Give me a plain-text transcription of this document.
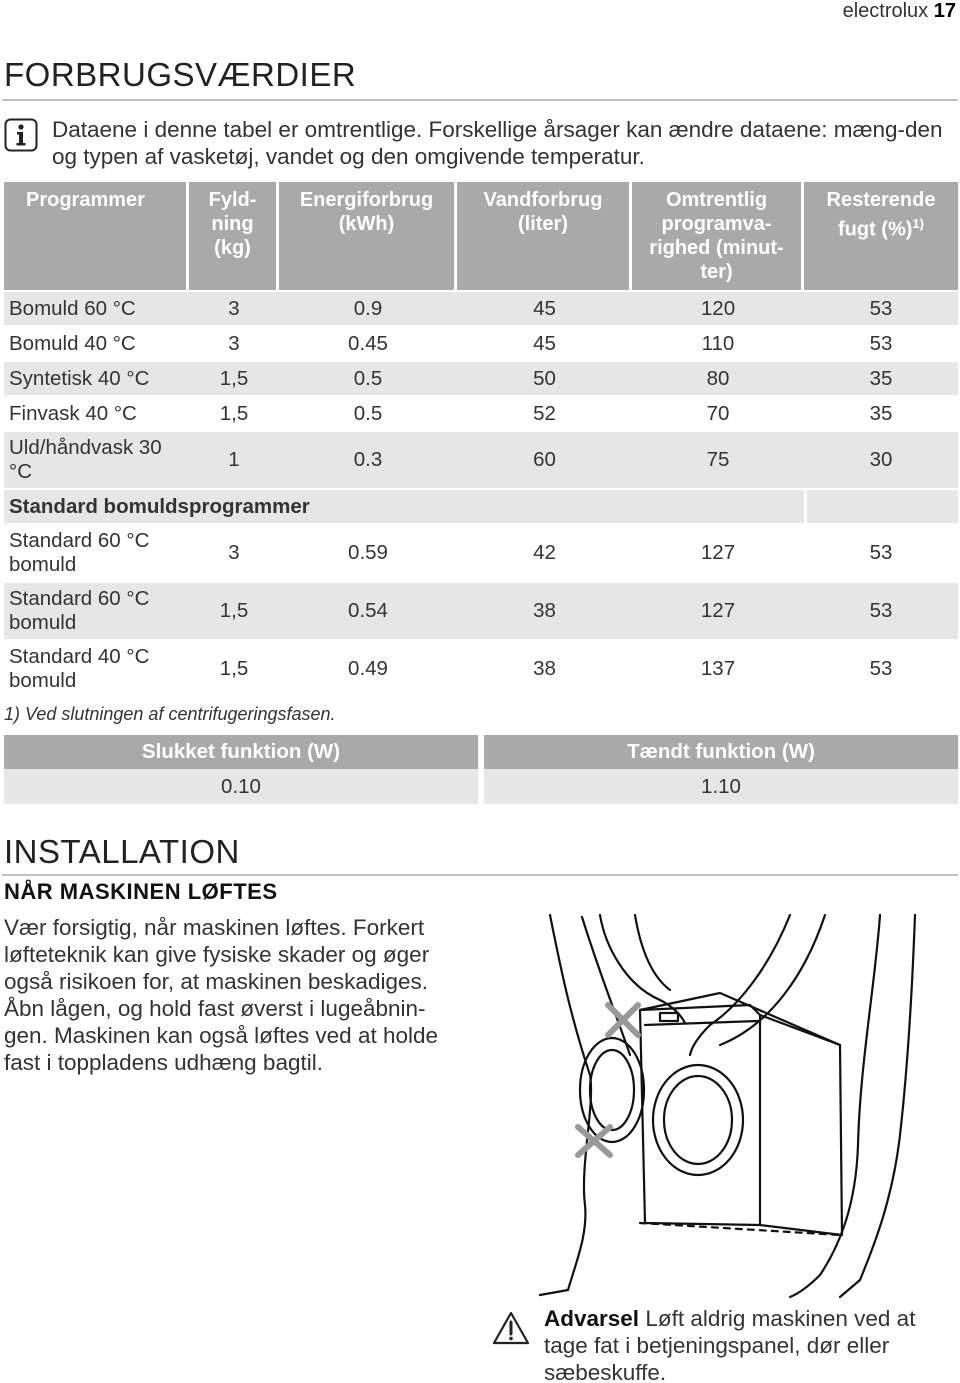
electrolux 17
FORBRUGSVÆRDIER
Dataene i denne tabel er omtrentlige. Forskellige årsager kan ændre dataene: mæng-den og typen af vasketøj, vandet og den omgivende temperatur.
Programmer	Fyld-
ning
(kg)	Energiforbrug
(kWh)	Vandforbrug
(liter)	Omtrentlig
programva-
righed (minut-
ter)	Resterende
fugt (%)$^{1)}$
Bomuld 60 °C	3	0.9	45	120	53
Bomuld 40 °C	3	0.45	45	110	53
Syntetisk 40 °C	1,5	0.5	50	80	35
Finvask 40 °C	1,5	0.5	52	70	35
Uld/håndvask 30
°C	1	0.3	60	75	30
Standard bomuldsprogrammer					
Standard 60 °C
bomuld	3	0.59	42	127	53
Standard 60 °C
bomuld	1,5	0.54	38	127	53
Standard 40 °C
bomuld	1,5	0.49	38	137	53
1) Ved slutningen af centrifugeringsfasen.
Slukket funktion (W)	Tændt funktion (W)
0.10	1.10
INSTALLATION
NÅR MASKINEN LØFTES
Vær forsigtig, når maskinen løftes. Forkert
løfteteknik kan give fysiske skader og øger
også risikoen for, at maskinen beskadiges.
Åbn lågen, og hold fast øverst i lugeåbnin-
gen. Maskinen kan også løftes ved at holde
fast i toppladens udhæng bagtil.
Advarsel Løft aldrig maskinen ved at
tage fat i betjeningspanel, dør eller
sæbeskuffe.
